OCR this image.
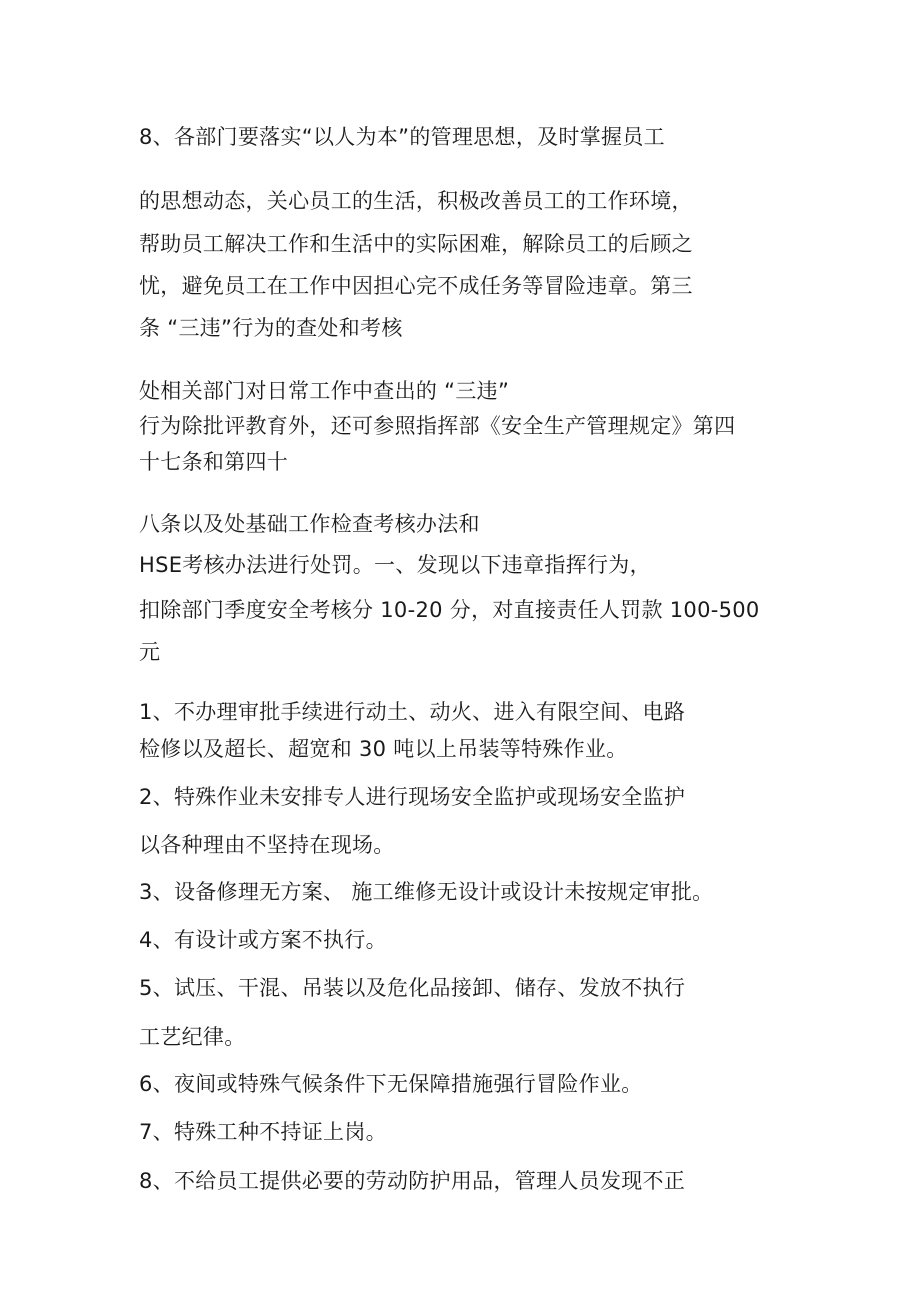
8、各部门要落实“以人为本”的管理思想，及时掌握员工
的思想动态，关心员工的生活，积极改善员工的工作环境，
帮助员工解决工作和生活中的实际困难，解除员工的后顾之
忧，避免员工在工作中因担心完不成任务等冒险违章。第三
条 “三违”行为的查处和考核
处相关部门对日常工作中查出的 “三违”
行为除批评教育外，还可参照指挥部《安全生产管理规定》第四
十七条和第四十
八条以及处基础工作检查考核办法和
HSE考核办法进行处罚。一、发现以下违章指挥行为，
扣除部门季度安全考核分 10-20 分，对直接责任人罚款 100-500
元
1、不办理审批手续进行动土、动火、进入有限空间、电路
检修以及超长、超宽和 30 吨以上吊装等特殊作业。
2、特殊作业未安排专人进行现场安全监护或现场安全监护
以各种理由不坚持在现场。
3、设备修理无方案、 施工维修无设计或设计未按规定审批。
4、有设计或方案不执行。
5、试压、干混、吊装以及危化品接卸、储存、发放不执行
工艺纪律。
6、夜间或特殊气候条件下无保障措施强行冒险作业。
7、特殊工种不持证上岗。
8、不给员工提供必要的劳动防护用品，管理人员发现不正
